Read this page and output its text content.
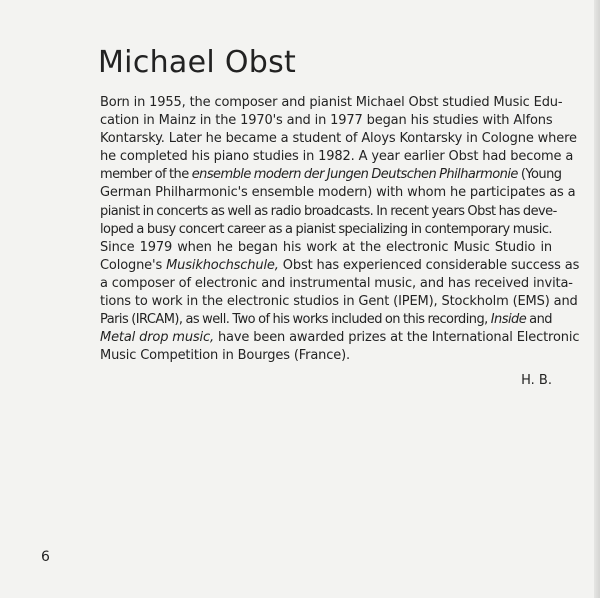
Michael Obst
Born in 1955, the composer and pianist Michael Obst studied Music Edu-
cation in Mainz in the 1970's and in 1977 began his studies with Alfons
Kontarsky. Later he became a student of Aloys Kontarsky in Cologne where
he completed his piano studies in 1982. A year earlier Obst had become a
member of the ensemble modern der Jungen Deutschen Philharmonie (Young
German Philharmonic's ensemble modern) with whom he participates as a
pianist in concerts as well as radio broadcasts. In recent years Obst has deve-
loped a busy concert career as a pianist specializing in contemporary music.
Since 1979 when he began his work at the electronic Music Studio in
Cologne's Musikhochschule, Obst has experienced considerable success as
a composer of electronic and instrumental music, and has received invita-
tions to work in the electronic studios in Gent (IPEM), Stockholm (EMS) and
Paris (IRCAM), as well. Two of his works included on this recording, Inside and
Metal drop music, have been awarded prizes at the International Electronic
Music Competition in Bourges (France).
H. B.
6
